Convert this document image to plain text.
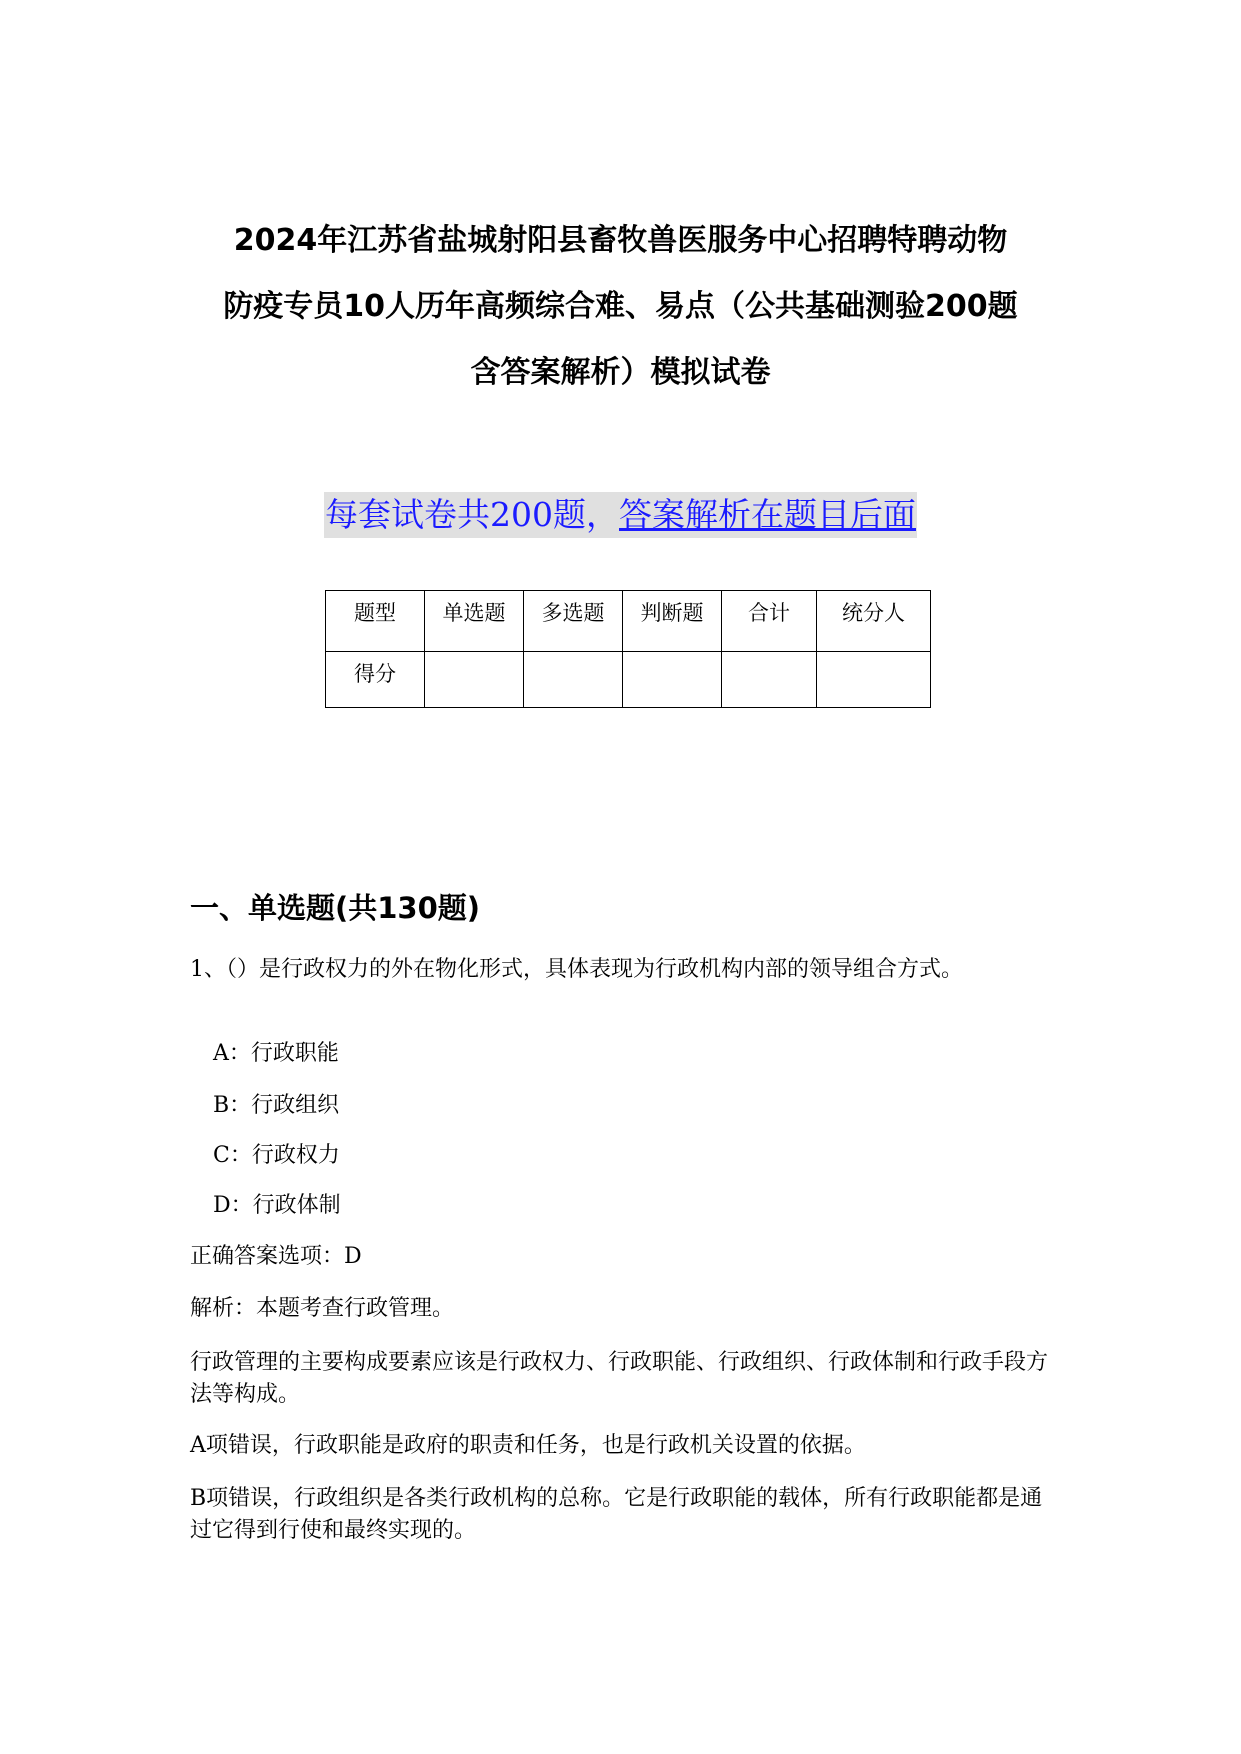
2024年江苏省盐城射阳县畜牧兽医服务中心招聘特聘动物
防疫专员10人历年高频综合难、易点（公共基础测验200题
含答案解析）模拟试卷
每套试卷共200题，答案解析在题目后面
题型	单选题	多选题	判断题	合计	统分人
得分					
一、单选题(共130题)
1、（）是行政权力的外在物化形式，具体表现为行政机构内部的领导组合方式。
A：行政职能
B：行政组织
C：行政权力
D：行政体制
正确答案选项：D
解析：本题考查行政管理。
行政管理的主要构成要素应该是行政权力、行政职能、行政组织、行政体制和行政手段方法等构成。
A项错误，行政职能是政府的职责和任务，也是行政机关设置的依据。
B项错误，行政组织是各类行政机构的总称。它是行政职能的载体，所有行政职能都是通过它得到行使和最终实现的。
